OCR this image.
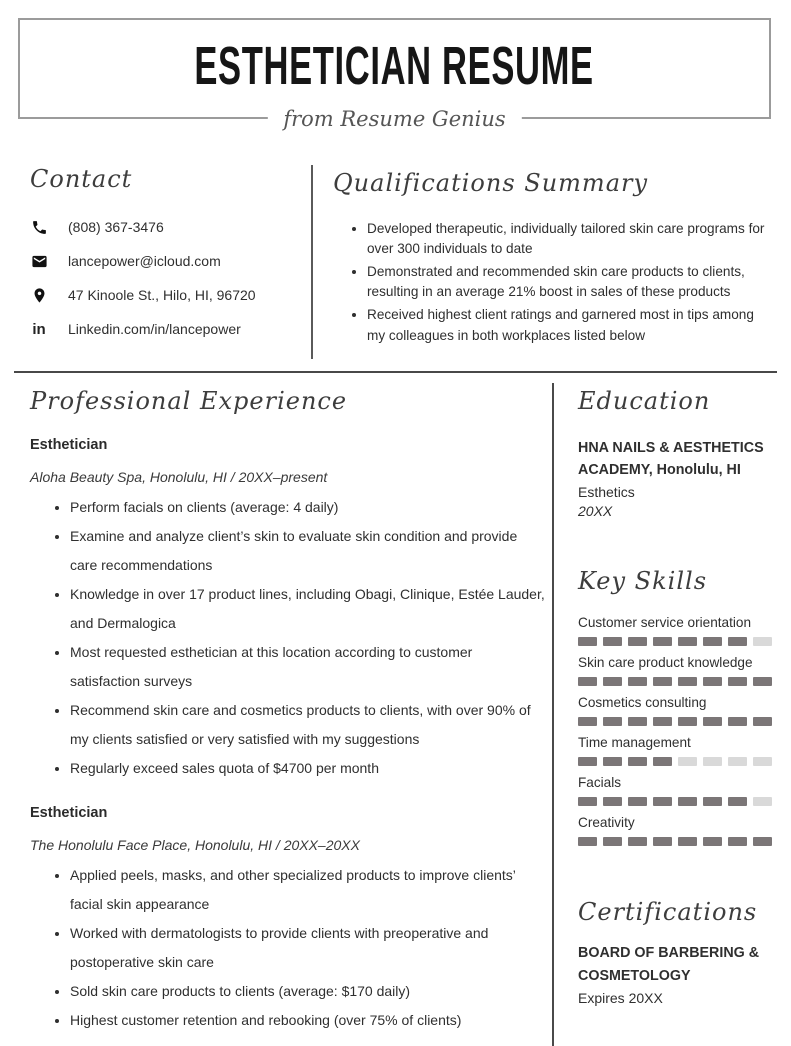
ESTHETICIAN RESUME
from Resume Genius
Contact
(808) 367-3476
lancepower@icloud.com
47 Kinoole St., Hilo, HI, 96720
in Linkedin.com/in/lancepower
Qualifications Summary
• Developed therapeutic, individually tailored skin care programs for over 300 individuals to date
• Demonstrated and recommended skin care products to clients, resulting in an average 21% boost in sales of these products
• Received highest client ratings and garnered most in tips among my colleagues in both workplaces listed below
Professional Experience
Esthetician
Aloha Beauty Spa, Honolulu, HI / 20XX–present
• Perform facials on clients (average: 4 daily)
• Examine and analyze client’s skin to evaluate skin condition and provide care recommendations
• Knowledge in over 17 product lines, including Obagi, Clinique, Estée Lauder, and Dermalogica
• Most requested esthetician at this location according to customer satisfaction surveys
• Recommend skin care and cosmetics products to clients, with over 90% of my clients satisfied or very satisfied with my suggestions
• Regularly exceed sales quota of $4700 per month
Esthetician
The Honolulu Face Place, Honolulu, HI / 20XX–20XX
• Applied peels, masks, and other specialized products to improve clients’ facial skin appearance
• Worked with dermatologists to provide clients with preoperative and postoperative skin care
• Sold skin care products to clients (average: $170 daily)
• Highest customer retention and rebooking (over 75% of clients)
Education
HNA NAILS & AESTHETICS ACADEMY, Honolulu, HI
Esthetics
20XX
Key Skills
Customer service orientation
Skin care product knowledge
Cosmetics consulting
Time management
Facials
Creativity
Certifications
BOARD OF BARBERING & COSMETOLOGY
Expires 20XX
